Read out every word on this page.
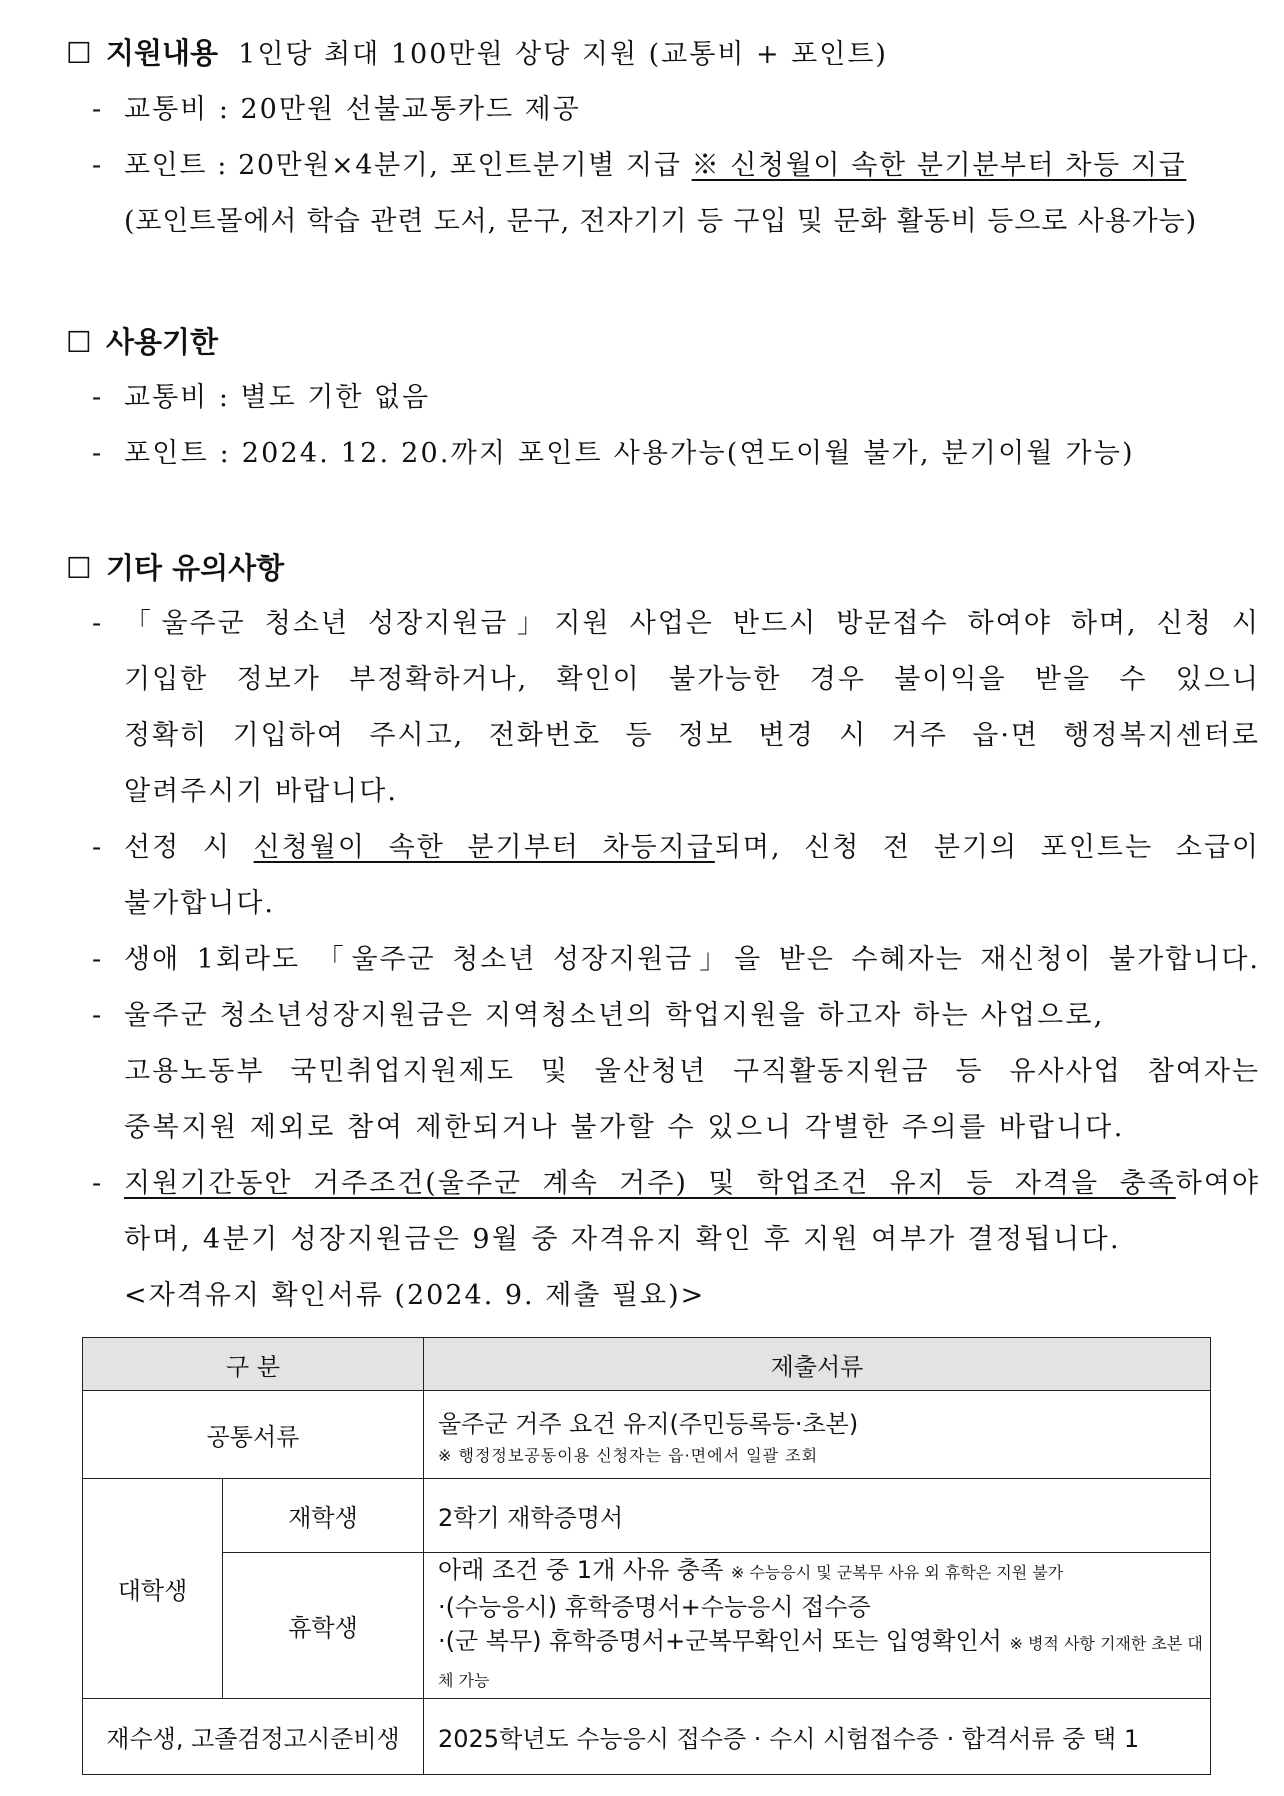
☐ 지원내용 1인당 최대 100만원 상당 지원 (교통비 + 포인트)
- 교통비 : 20만원 선불교통카드 제공
- 포인트 : 20만원×4분기, 포인트분기별 지급 ※ 신청월이 속한 분기분부터 차등 지급
(포인트몰에서 학습 관련 도서, 문구, 전자기기 등 구입 및 문화 활동비 등으로 사용가능)
☐ 사용기한
- 교통비 : 별도 기한 없음
- 포인트 : 2024. 12. 20.까지 포인트 사용가능(연도이월 불가, 분기이월 가능)
☐ 기타 유의사항
- 「울주군 청소년 성장지원금」지원 사업은 반드시 방문접수 하여야 하며, 신청 시
기입한 정보가 부정확하거나, 확인이 불가능한 경우 불이익을 받을 수 있으니
정확히 기입하여 주시고, 전화번호 등 정보 변경 시 거주 읍·면 행정복지센터로
알려주시기 바랍니다.
- 선정 시 신청월이 속한 분기부터 차등지급되며, 신청 전 분기의 포인트는 소급이
불가합니다.
- 생애 1회라도 「울주군 청소년 성장지원금」을 받은 수혜자는 재신청이 불가합니다.
- 울주군 청소년성장지원금은 지역청소년의 학업지원을 하고자 하는 사업으로,
고용노동부 국민취업지원제도 및 울산청년 구직활동지원금 등 유사사업 참여자는
중복지원 제외로 참여 제한되거나 불가할 수 있으니 각별한 주의를 바랍니다.
- 지원기간동안 거주조건(울주군 계속 거주) 및 학업조건 유지 등 자격을 충족하여야
하며, 4분기 성장지원금은 9월 중 자격유지 확인 후 지원 여부가 결정됩니다.
<자격유지 확인서류 (2024. 9. 제출 필요)>
구 분		제출서류
공통서류		울주군 거주 요건 유지(주민등록등·초본)
※ 행정정보공동이용 신청자는 읍·면에서 일괄 조회

대학생	재학생	2학기 재학증명서
	휴학생	아래 조건 중 1개 사유 충족 ※ 수능응시 및 군복무 사유 외 휴학은 지원 불가
·(수능응시) 휴학증명서+수능응시 접수증
·(군 복무) 휴학증명서+군복무확인서 또는 입영확인서 ※ 병적 사항 기재한 초본 대체 가능

재수생, 고졸검정고시준비생		2025학년도 수능응시 접수증 · 수시 시험접수증 · 합격서류 중 택 1
